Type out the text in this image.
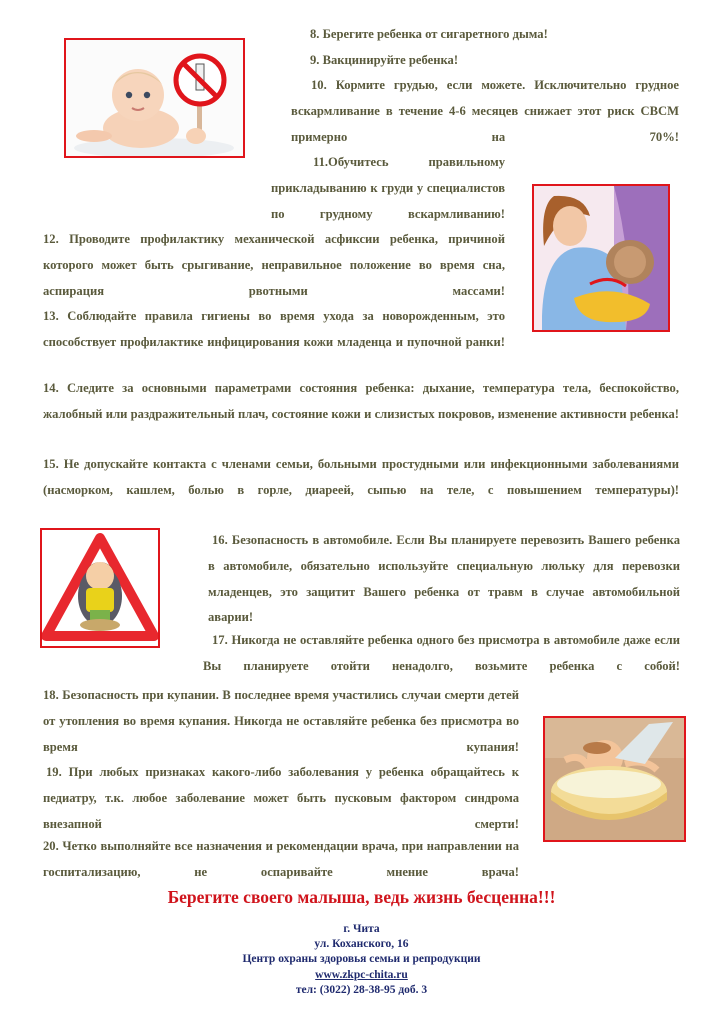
8. Берегите ребенка от сигаретного дыма!

9. Вакцинируйте ребенка!

10. Кормите грудью, если можете. Исключительно грудное вскармливание в течение 4-6 месяцев снижает этот риск СВСМ примерно на 70%!

11.Обучитесь правильному прикладыванию к груди у специалистов по грудному вскармливанию!

12. Проводите профилактику механической асфиксии ребенка, причиной которого может быть срыгивание, неправильное положение во время сна, аспирация рвотными массами!

13. Соблюдайте правила гигиены во время ухода за новорожденным, это способствует профилактике инфицирования кожи младенца и пупочной ранки!

14. Следите за основными параметрами состояния ребенка: дыхание, температура тела, беспокойство, жалобный или раздражительный плач, состояние кожи и слизистых покровов, изменение активности ребенка!

15. Не допускайте контакта с членами семьи, больными простудными или инфекционными заболеваниями (насморком, кашлем, болью в горле, диареей, сыпью на теле, с повышением температуры)!

16. Безопасность в автомобиле. Если Вы планируете перевозить Вашего ребенка в автомобиле, обязательно используйте специальную люльку для перевозки младенцев, это защитит Вашего ребенка от травм в случае автомобильной аварии!

17. Никогда не оставляйте ребенка одного без присмотра в автомобиле даже если Вы планируете отойти ненадолго, возьмите ребенка с собой!

18. Безопасность при купании. В последнее время участились случаи смерти детей от утопления во время купания. Никогда не оставляйте ребенка без присмотра во время купания!

19. При любых признаках какого-либо заболевания у ребенка обращайтесь к педиатру, т.к. любое заболевание может быть пусковым фактором синдрома внезапной смерти!

20. Четко выполняйте все назначения и рекомендации врача, при направлении на госпитализацию, не оспаривайте мнение врача!

Берегите своего малыша, ведь жизнь бесценна!!!
г. Чита
ул. Коханского, 16
Центр охраны здоровья семьи и репродукции
www.zkpc-chita.ru
тел: (3022) 28-38-95 доб. 3
